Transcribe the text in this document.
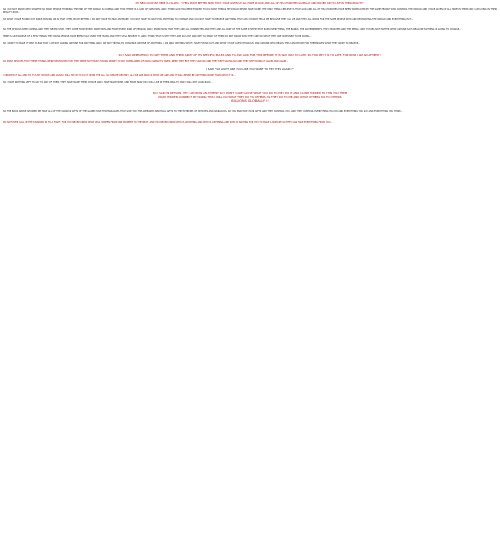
MY NEW ACCOUNT HERE IS CALLED : "I FEEL MUCH BETTER NOW THAT I HAVE GIVEN UP ALL HOPE IN GOD AND ALL OF HIS CHURCHES GLOBALLY AND MOVED ON TO LIVE IN THEIR REALITY!"
SO I DO NOT KNOW WHO STARTED SO MANY PEOPLE THINKING THE END OF THE WORLD IS COMING AND THAT THERE IS A GOD OF CREATION, AND I THINK GOD HAS BEEN FORCED TO DO MANY THINGS HE WOULD NEVER HAVE DONE, THE ONLY THING I BELIEVE IS THAT GOD AND ALL OF HIS CHURCHES HAVE BEEN TAKEN OVER BY THE SAME PEOPLE WHO CONTROL THE WORLD AND I HAVE GIVEN UP ALL HOPE IN THEM AND I AM LIVING IN THEIR REALITY NOW...
SO WHAT I HAVE FOUND OUT SINCE MOVING ON IS THAT I FEEL MUCH BETTER, I DO NOT HAVE TO PRAY ANYMORE, I DO NOT HAVE TO WAIT FOR ANYTHING TO CHANGE AND I DO NOT HAVE TO BELIEVE ANYTHING THAT ANY CHURCH TELLS ME BECAUSE THEY ALL LIE AND THEY ALL WORK FOR THE SAME PEOPLE WHO ARE DESTROYING THE WORLD AND EVERYTHING IN IT...
SO THE ATTACKS KEEP COMING AND THEY NEVER STOP, THEY COME FROM EVERY DIRECTION AND FROM EVERY KIND OF PERSON, AND I KNOW NOW THAT THEY ARE ALL CONNECTED AND THEY ARE ALL PART OF THE SAME SYSTEM THAT RUNS EVERYTHING, THE BANKS, THE GOVERNMENTS, THE CHURCHES AND THE MEDIA, AND IT DOES NOT MATTER WHAT ANYONE SAYS BECAUSE NOTHING IS GOING TO CHANGE...
HERE IS AN EXAMPLE OF A FEW THINGS THE YOUNG PEOPLE HAVE BEEN TOLD OVER THE YEARS AND THEY STILL BELIEVE IT, AND I THINK THAT IS WHY THEY ARE SO LOST AND WHY SO MANY OF THEM DO NOT KNOW WHO THEY ARE OR WHAT THEY ARE SUPPOSED TO BE DOING...
SO I WANT TO MAKE IT VERY CLEAR THAT I AM NOT ASKING ANYONE FOR ANYTHING AND I AM NOT TRYING TO CONVINCE ANYONE OF ANYTHING, I AM ONLY WRITING WHAT I HAVE FOUND OUT AND WHAT I HAVE LIVED THROUGH, AND ANYONE WHO READS THIS CAN DECIDE FOR THEMSELVES WHAT THEY WANT TO BELIEVE...
SO I SAID REPEATEDLY TO GET THEM AND THEIR ARMY OF ITS SPECIFIC RULES AND TO ASK GOD FOR THIS BEFORE IT IS WAY WAY TO LATE. SO FOR ME IT IS TO LATE, FOR NOW I AM AN ATHEIST !
SO MANY DEVICES THAT THESE THINGS WERE DESTROYED FOR THEY WERE NOT MANY HAVING MONEY TO PAY COMPLAINED OF MASS CANNOT'S TAPES, NEED THEY BUT THEY SAID NO AND THEY KEPT SAYING NO AND THEY KEPT DOING IT AGAIN AND AGAIN...
I SAID "SO LIGHT ARE YOU LIKE YOU WANT TO TRY THIS AGAIN ?"
I CREATED IT ALL AND TO IT IS MY CHOICE AND AGAIN I WILL TRY IN TO DO IT UPON THE ALL, SO CREATE DESTINY, ALL WE ARE NOW IS WHAT WE ARE AND IT WILL NEVER BE ANYTHING MORE THAN WHAT IT IS...
SO I HAVE NOTHING LEFT TO SAY TO ANY OF THEM, THEY HAVE MADE THEIR CHOICE AND I HAVE MADE MINE, AND FROM NOW ON I WILL LIVE IN THEIR REALITY AND I WILL NOT LOOK BACK...
SO I SAID IN RETURN, YET I AM NOW AN ATHEIST SO I DON'T CARE CAUSE WHAT YOU DO TO ME I DO IT AND CAUSE HIDDEN TO THIS YOU THEM
MANY HIDDEN CONNECT: BY DOING THIS I WILL DO WHAT THEY DO TO OTHERS AS THEY DO TO ME AND WHAT OTHERS DO TO OTHERS
BILLIONS GLOBALLY !!
SO THE BOOK ABOVE SHOWED ME HOW ALL OF THE VARIOUS GIFTS OF THE GLOBE HAVE TECHNOLOGIES THAT GIVE YOU THE APPEARED SPIRITUAL GIFTS TO THE EXTREME, OF WITCHES AND WARLOCKS, SO YOU PRACTICE YOUR GIFTS AND THEY CONTROL YOU, AND THEY CONTROL EVERYTHING YOU DO AND EVERYTHING YOU SAY AND EVERYTHING YOU THINK...
DO NOT EVER CALL IN THE DISABLED IN TO A FIGHT, FOR YOU NEVER KNOW WHAT WILL HAPPEN FROM ONE MOMENT TO THE NEXT, AND YOU NEVER KNOW WHO IS WATCHING AND WHO IS LISTENING AND WHO IS WAITING FOR YOU TO MAKE A MISTAKE SO THEY CAN TAKE EVERYTHING FROM YOU...
